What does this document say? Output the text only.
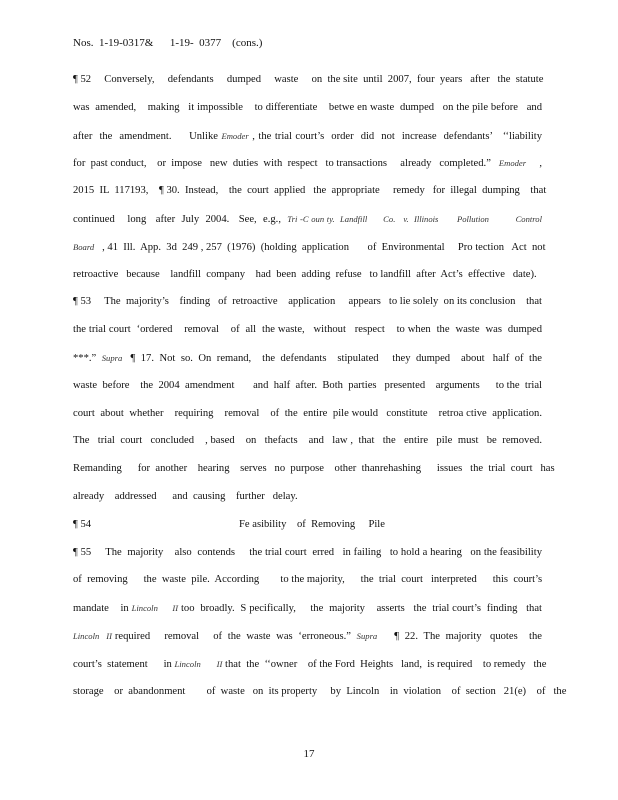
Nos.  1-19-0317&      1-19-  0377    (cons.)
¶ 52     Conversely,     defendants     dumped     waste     on  the site  until  2007,  four  years   after   the  statute
was  amended,    making   it impossible    to differentiate    betwe en waste  dumped   on the pile before   and
after  the  amendment.     Unlike Emoder , the trial court’s  order  did  not  increase  defendants’   ‘‘liability
for  past conduct,    or  impose   new  duties  with  respect   to transactions     already   completed.”   Emoder     ,
2015  IL  117193,    ¶ 30.  Instead,    the  court  applied   the  appropriate     remedy   for  illegal  dumping    that
continued    long   after  July  2004.   See,  e.g.,  Tri -C oun ty.  Landfill      Co.   v.  Illinois       Pollution          Control
Board   , 41  Ill.  App.  3d  249 , 257  (1976)  (holding  application       of  Environmental     Pro tection   Act  not
retroactive   because    landfill  company    had  been  adding  refuse   to landfill  after  Act’s  effective   date).
¶ 53     The  majority’s    finding   of  retroactive    application     appears   to lie solely  on its conclusion    that
the trial court  ‘ordered    removal    of  all  the waste,   without   respect    to when  the  waste  was  dumped
***.”  Supra   ¶  17.  Not  so.  On  remand,    the  defendants    stipulated     they  dumped    about   half  of  the
waste  before    the  2004  amendment       and  half  after.  Both  parties   presented    arguments      to the  trial
court  about  whether    requiring    removal    of  the  entire  pile would   constitute    retroa ctive  application.
The   trial  court   concluded    , based    on   thefacts    and   law ,  that   the   entire   pile  must   be  removed.
Remanding      for  another    hearing    serves   no  purpose    other  thanrehashing      issues   the  trial  court   has
already    addressed      and  causing    further   delay.
¶ 54	Fe asibility    of  Removing     Pile
¶ 55     The  majority    also  contends     the trial court  erred   in failing   to hold a hearing   on the feasibility
of  removing      the  waste  pile.  According        to the majority,      the  trial  court   interpreted      this  court’s
mandate    in Lincoln II too  broadly.  S pecifically,     the  majority    asserts   the  trial court’s  finding   that
Lincoln   II required     removal     of  the  waste  was  ‘erroneous.”  Supra      ¶  22.  The  majority   quotes    the
court’s  statement      in Lincoln II that  the  ‘‘owner    of the Ford  Heights   land,  is required    to remedy   the
storage    or  abandonment        of  waste   on  its property     by  Lincoln    in  violation    of  section   21(e)    of   the
17
